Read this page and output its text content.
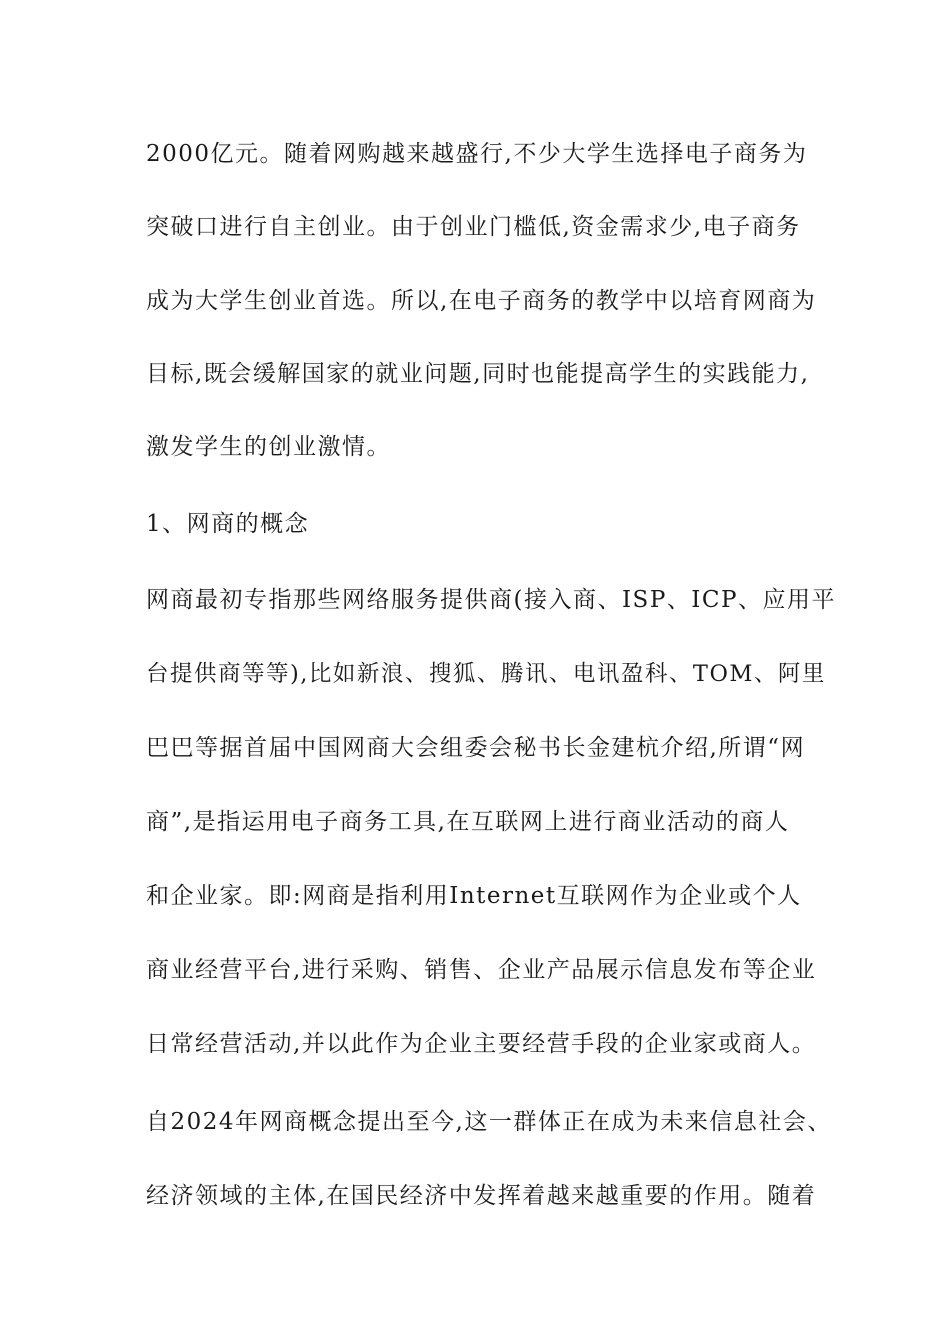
2000亿元。随着网购越来越盛行,不少大学生选择电子商务为
突破口进行自主创业。由于创业门槛低,资金需求少,电子商务
成为大学生创业首选。所以,在电子商务的教学中以培育网商为
目标,既会缓解国家的就业问题,同时也能提高学生的实践能力,
激发学生的创业激情。
1、网商的概念
网商最初专指那些网络服务提供商(接入商、ISP、ICP、应用平
台提供商等等),比如新浪、搜狐、腾讯、电讯盈科、TOM、阿里
巴巴等据首届中国网商大会组委会秘书长金建杭介绍,所谓“网
商”,是指运用电子商务工具,在互联网上进行商业活动的商人
和企业家。即:网商是指利用Internet互联网作为企业或个人
商业经营平台,进行采购、销售、企业产品展示信息发布等企业
日常经营活动,并以此作为企业主要经营手段的企业家或商人。
自2024年网商概念提出至今,这一群体正在成为未来信息社会、
经济领域的主体,在国民经济中发挥着越来越重要的作用。随着
